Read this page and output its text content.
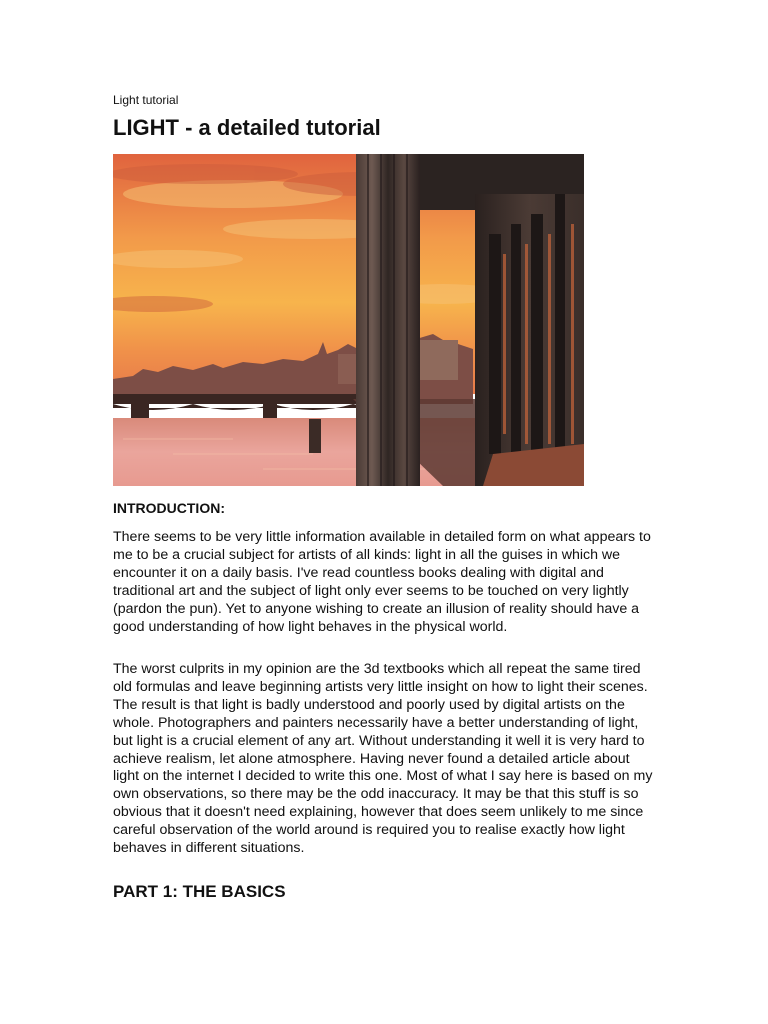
Light tutorial
LIGHT - a detailed tutorial
INTRODUCTION:

There seems to be very little information available in detailed form on what appears to me to be a crucial subject for artists of all kinds: light in all the guises in which we encounter it on a daily basis. I've read countless books dealing with digital and traditional art and the subject of light only ever seems to be touched on very lightly (pardon the pun). Yet to anyone wishing to create an illusion of reality should have a good understanding of how light behaves in the physical world.

The worst culprits in my opinion are the 3d textbooks which all repeat the same tired old formulas and leave beginning artists very little insight on how to light their scenes. The result is that light is badly understood and poorly used by digital artists on the whole. Photographers and painters necessarily have a better understanding of light, but light is a crucial element of any art. Without understanding it well it is very hard to achieve realism, let alone atmosphere. Having never found a detailed article about light on the internet I decided to write this one. Most of what I say here is based on my own observations, so there may be the odd inaccuracy. It may be that this stuff is so obvious that it doesn't need explaining, however that does seem unlikely to me since careful observation of the world around is required you to realise exactly how light behaves in different situations.

PART 1: THE BASICS
